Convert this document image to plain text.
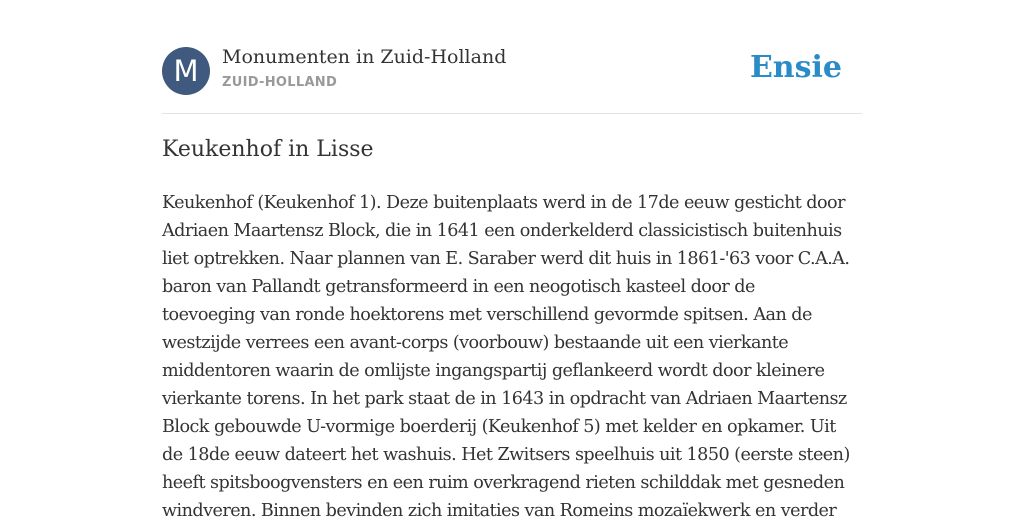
M	Monumenten in Zuid-Holland
ZUID-HOLLAND	Ensie
Keukenhof in Lisse

Keukenhof (Keukenhof 1). Deze buitenplaats werd in de 17de eeuw gesticht door
Adriaen Maartensz Block, die in 1641 een onderkelderd classicistisch buitenhuis
liet optrekken. Naar plannen van E. Saraber werd dit huis in 1861-'63 voor C.A.A.
baron van Pallandt getransformeerd in een neogotisch kasteel door de
toevoeging van ronde hoektorens met verschillend gevormde spitsen. Aan de
westzijde verrees een avant-corps (voorbouw) bestaande uit een vierkante
middentoren waarin de omlijste ingangspartij geflankeerd wordt door kleinere
vierkante torens. In het park staat de in 1643 in opdracht van Adriaen Maartensz
Block gebouwde U-vormige boerderij (Keukenhof 5) met kelder en opkamer. Uit
de 18de eeuw dateert het washuis. Het Zwitsers speelhuis uit 1850 (eerste steen)
heeft spitsboogvensters en een ruim overkragend rieten schilddak met gesneden
windveren. Binnen bevinden zich imitaties van Romeins mozaïekwerk en verder
